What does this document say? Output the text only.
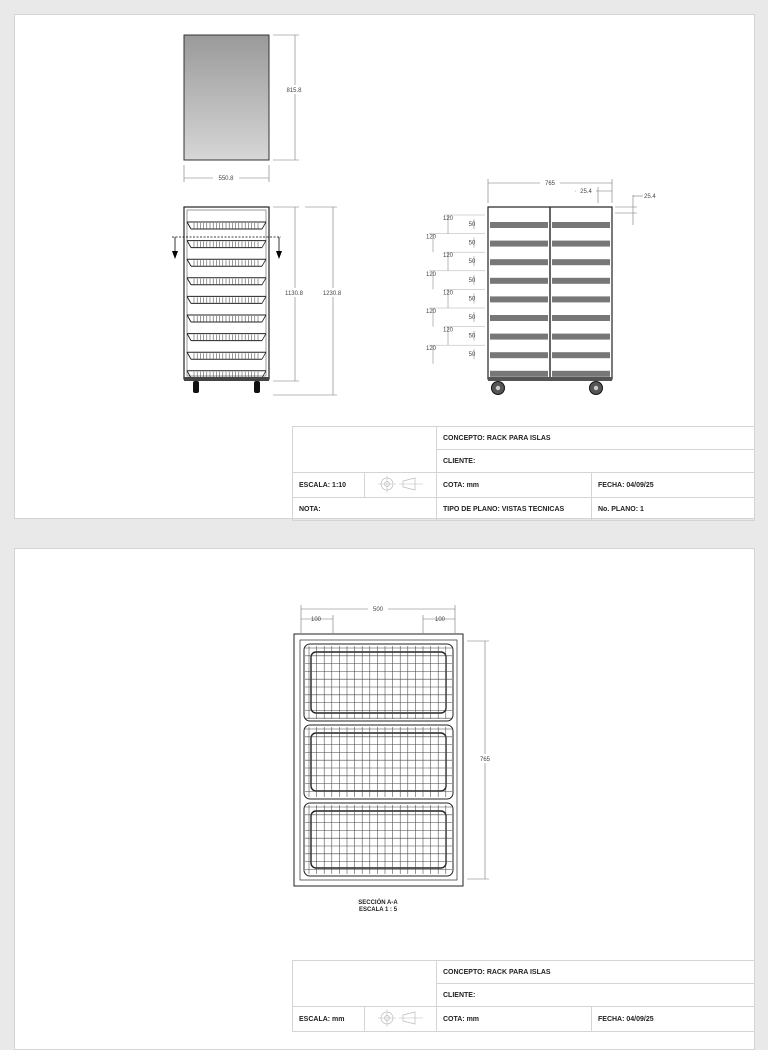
815.8
550.8
1130.8	1230.8
765
25.4
25.4
120
50
120
50
120
50
120
50
120
50
120
50
120
50
120
50
		CONCEPTO: RACK PARA ISLAS	
		CLIENTE:	
ESCALA: 1:10		COTA: mm	FECHA: 04/09/25
NOTA:		TIPO DE PLANO: VISTAS TECNICAS	No. PLANO: 1
500
100	100
765
SECCIÓN A-A
ESCALA 1 : 5
		CONCEPTO: RACK PARA ISLAS	
		CLIENTE:	
ESCALA: mm		COTA: mm	FECHA: 04/09/25
